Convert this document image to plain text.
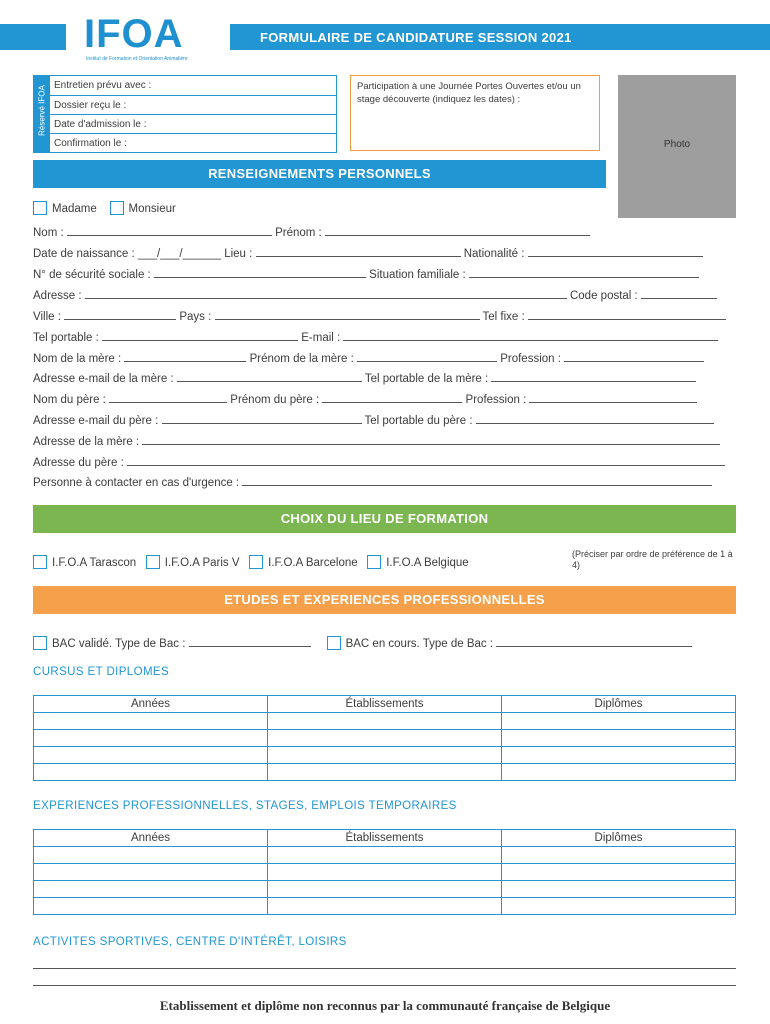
FORMULAIRE DE CANDIDATURE SESSION 2021
IFOA
Institut de Formation et Orientation Animalière
Réservé IFOA Entretien prévu avec :
Dossier reçu le :
Date d'admission le :
Confirmation le :
Participation à une Journée Portes Ouvertes et/ou un stage découverte (indiquez les dates) :
Photo
RENSEIGNEMENTS PERSONNELS
Madame	Monsieur
Nom :	Prénom :
Date de naissance : ___/___/______ Lieu :	Nationalité :
N° de sécurité sociale :	Situation familiale :
Adresse :	Code postal :
Ville :	Pays :	Tel fixe :
Tel portable :	E-mail :
Nom de la mère :	Prénom de la mère :	Profession :
Adresse e-mail de la mère :	Tel portable de la mère :
Nom du père :	Prénom du père :	Profession :
Adresse e-mail du père :	Tel portable du père :
Adresse de la mère :
Adresse du père :
Personne à contacter en cas d'urgence :
CHOIX DU LIEU DE FORMATION
I.F.O.A Tarascon I.F.O.A Paris V I.F.O.A Barcelone I.F.O.A Belgique
(Préciser par ordre de préférence de 1 à 4)
ETUDES ET EXPERIENCES PROFESSIONNELLES
BAC validé. Type de Bac :	BAC en cours. Type de Bac :
CURSUS ET DIPLOMES
Années	Établissements	Diplômes

EXPERIENCES PROFESSIONNELLES, STAGES, EMPLOIS TEMPORAIRES
Années	Établissements	Diplômes

ACTIVITES SPORTIVES, CENTRE D'INTÉRÊT, LOISIRS
Etablissement et diplôme non reconnus par la communauté française de Belgique
